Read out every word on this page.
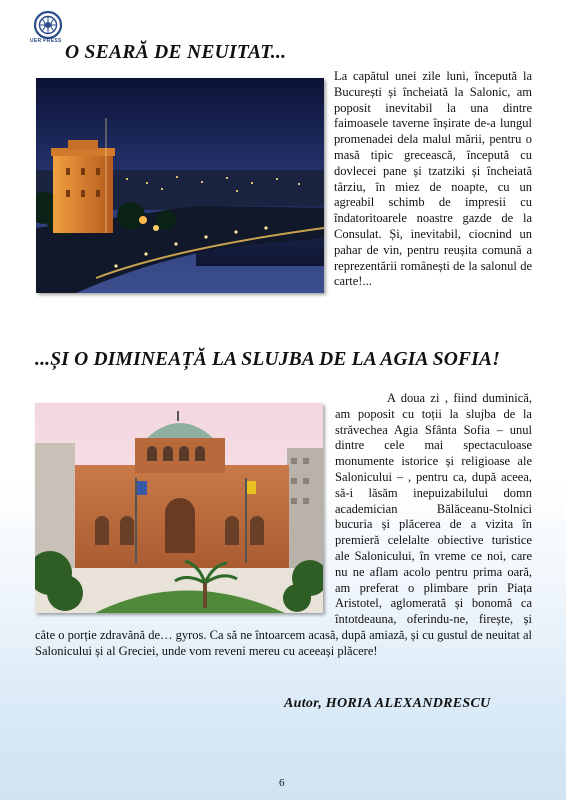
UER PRESS
O SEARĂ DE NEUITAT...

La capătul unei zile luni, începută la București și încheiată la Salonic, am poposit inevitabil la una dintre faimoasele taverne înșirate de-a lungul promenadei dela malul mării, pentru o masă tipic grecească, începută cu dovlecei pane și tzatziki și încheiată târziu, în miez de noapte, cu un agreabil schimb de impresii cu îndatoritoarele noastre gazde de la Consulat. Și, inevitabil, ciocnind un pahar de vin, pentru reușita comună a reprezentării românești de la salonul de carte!...

...ȘI O DIMINEAȚĂ LA SLUJBA DE LA AGIA SOFIA!

A doua zi , fiind duminică, am poposit cu toții la slujba de la străvechea Agia Sfânta Sofia – unul dintre cele mai spectaculoase monumente istorice și religioase ale Salonicului – , pentru ca, după aceea, să-i lăsăm inepuizabilului domn academician Bălăceanu-Stolnici bucuria și plăcerea de a vizita în premieră celelalte obiective turistice ale Salonicului, în vreme ce noi, care nu ne aflam acolo pentru prima oară, am preferat o plimbare prin Piața Aristotel, aglomerată și bonomă ca întotdeauna, oferindu-ne, firește, și câte o porție zdravănă de… gyros. Ca să ne întoarcem acasă, după amiază, și cu gustul de neuitat al Salonicului și al Greciei, unde vom reveni mereu cu aceeași plăcere!

Autor, HORIA ALEXANDRESCU

6
